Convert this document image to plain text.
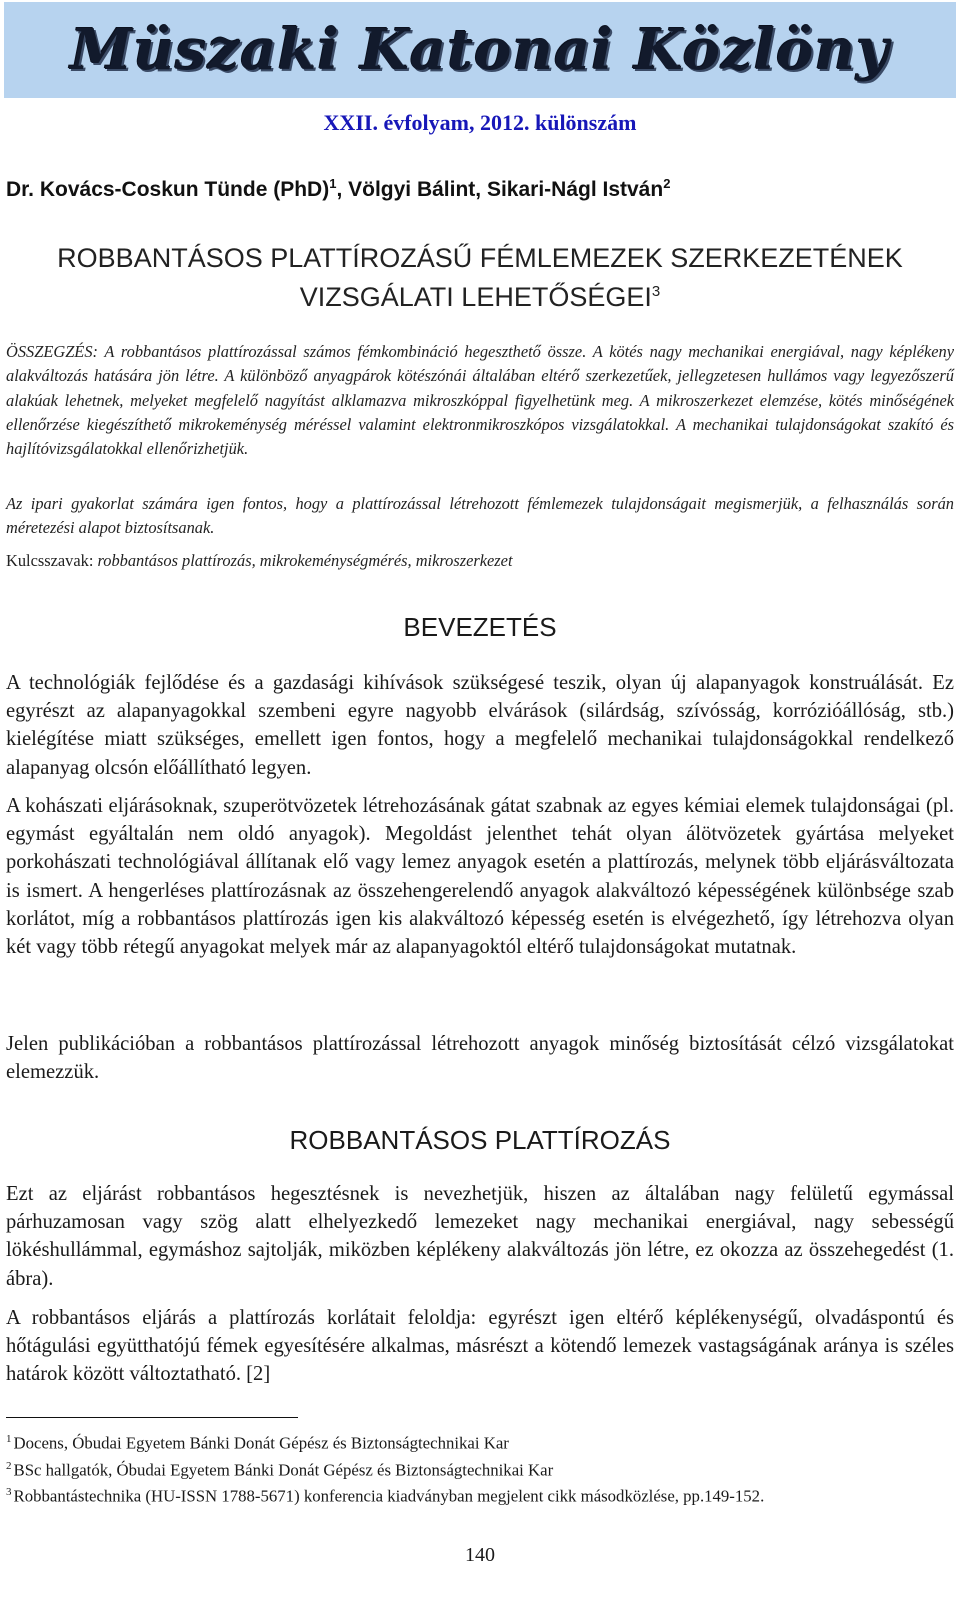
Müszaki Katonai Közlöny
XXII. évfolyam, 2012. különszám
Dr. Kovács-Coskun Tünde (PhD)$^1$, Völgyi Bálint, Sikari-Nágl István$^2$
ROBBANTÁSOS PLATTÍROZÁSŰ FÉMLEMEZEK SZERKEZETÉNEK
VIZSGÁLATI LEHETŐSÉGEI$^3$

ÖSSZEGZÉS: A robbantásos plattírozással számos fémkombináció hegeszthető össze. A kötés nagy mechanikai energiával, nagy képlékeny alakváltozás hatására jön létre. A különböző anyagpárok kötészónái általában eltérő szerkezetűek, jellegzetesen hullámos vagy legyezőszerű alakúak lehetnek, melyeket megfelelő nagyítást alklamazva mikroszkóppal figyelhetünk meg. A mikroszerkezet elemzése, kötés minőségének ellenőrzése kiegészíthető mikrokeménység méréssel valamint elektronmikroszkópos vizsgálatokkal. A mechanikai tulajdonságokat szakító és hajlítóvizsgálatokkal ellenőrizhetjük.

Az ipari gyakorlat számára igen fontos, hogy a plattírozással létrehozott fémlemezek tulajdonságait megismerjük, a felhasználás során méretezési alapot biztosítsanak.

Kulcsszavak: robbantásos plattírozás, mikrokeménységmérés, mikroszerkezet
BEVEZETÉS

A technológiák fejlődése és a gazdasági kihívások szükségesé teszik, olyan új alapanyagok konstruálását. Ez egyrészt az alapanyagokkal szembeni egyre nagyobb elvárások (silárdság, szívósság, korrózióállóság, stb.) kielégítése miatt szükséges, emellett igen fontos, hogy a megfelelő mechanikai tulajdonságokkal rendelkező alapanyag olcsón előállítható legyen.

A kohászati eljárásoknak, szuperötvözetek létrehozásának gátat szabnak az egyes kémiai elemek tulajdonságai (pl. egymást egyáltalán nem oldó anyagok). Megoldást jelenthet tehát olyan álötvözetek gyártása melyeket porkohászati technológiával állítanak elő vagy lemez anyagok esetén a plattírozás, melynek több eljárásváltozata is ismert. A hengerléses plattírozásnak az összehengerelendő anyagok alakváltozó képességének különbsége szab korlátot, míg a robbantásos plattírozás igen kis alakváltozó képesség esetén is elvégezhető, így létrehozva olyan két vagy több rétegű anyagokat melyek már az alapanyagoktól eltérő tulajdonságokat mutatnak.

Jelen publikációban a robbantásos plattírozással létrehozott anyagok minőség biztosítását célzó vizsgálatokat elemezzük.

ROBBANTÁSOS PLATTÍROZÁS

Ezt az eljárást robbantásos hegesztésnek is nevezhetjük, hiszen az általában nagy felületű egymással párhuzamosan vagy szög alatt elhelyezkedő lemezeket nagy mechanikai energiával, nagy sebességű lökéshullámmal, egymáshoz sajtolják, miközben képlékeny alakváltozás jön létre, ez okozza az összehegedést (1. ábra).

A robbantásos eljárás a plattírozás korlátait feloldja: egyrészt igen eltérő képlékenységű, olvadáspontú és hőtágulási együtthatójú fémek egyesítésére alkalmas, másrészt a kötendő lemezek vastagságának aránya is széles határok között változtatható. [2]

$^1$ Docens, Óbudai Egyetem Bánki Donát Gépész és Biztonságtechnikai Kar
$^2$ BSc hallgatók, Óbudai Egyetem Bánki Donát Gépész és Biztonságtechnikai Kar
$^3$ Robbantástechnika (HU-ISSN 1788-5671) konferencia kiadványban megjelent cikk másodközlése, pp.149-152.
140
